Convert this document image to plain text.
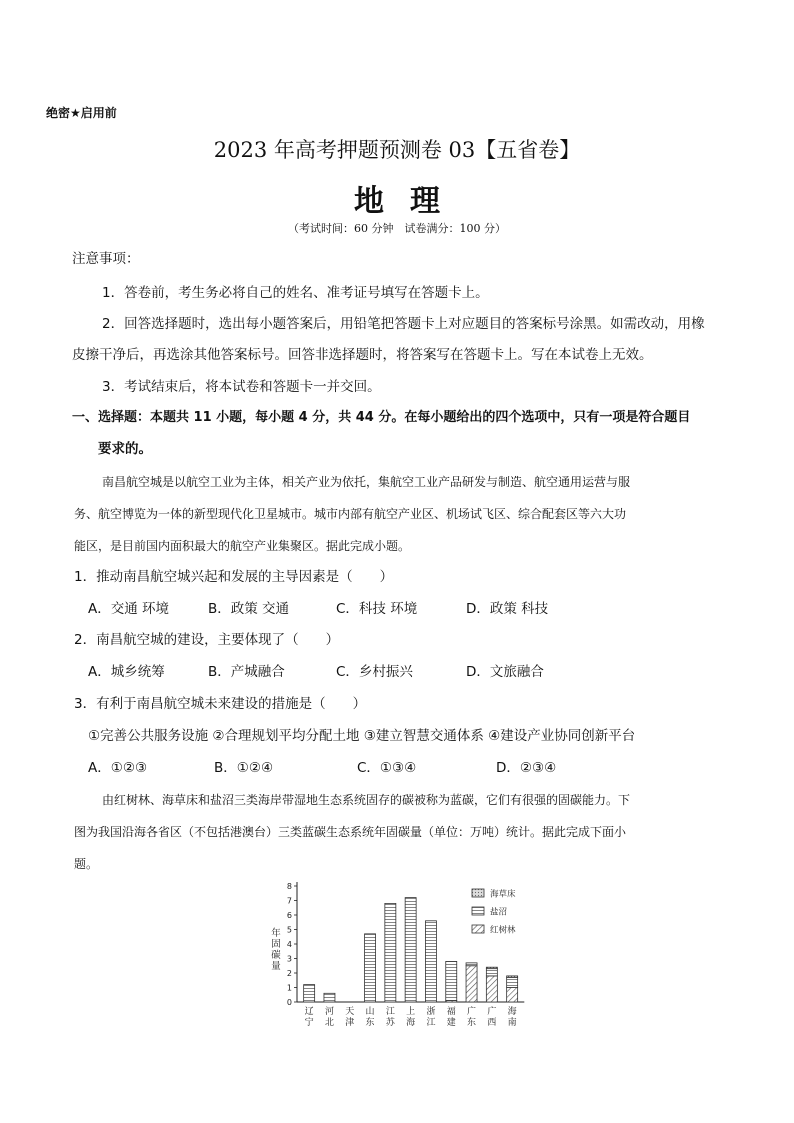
绝密★启用前
2023 年高考押题预测卷 03【五省卷】
地理
（考试时间：60 分钟　试卷满分：100 分）
注意事项：
1．答卷前，考生务必将自己的姓名、准考证号填写在答题卡上。
2．回答选择题时，选出每小题答案后，用铅笔把答题卡上对应题目的答案标号涂黑。如需改动，用橡
皮擦干净后，再选涂其他答案标号。回答非选择题时，将答案写在答题卡上。写在本试卷上无效。
3．考试结束后，将本试卷和答题卡一并交回。
一、选择题：本题共 11 小题，每小题 4 分，共 44 分。在每小题给出的四个选项中，只有一项是符合题目
要求的。
南昌航空城是以航空工业为主体，相关产业为依托，集航空工业产品研发与制造、航空通用运营与服
务、航空博览为一体的新型现代化卫星城市。城市内部有航空产业区、机场试飞区、综合配套区等六大功
能区，是目前国内面积最大的航空产业集聚区。据此完成小题。
1．推动南昌航空城兴起和发展的主导因素是（　　）
A．交通 环境	B．政策 交通	C．科技 环境	D．政策 科技
2．南昌航空城的建设，主要体现了（　　）
A．城乡统筹	B．产城融合	C．乡村振兴	D．文旅融合
3．有利于南昌航空城未来建设的措施是（　　）
①完善公共服务设施 ②合理规划平均分配土地 ③建立智慧交通体系 ④建设产业协同创新平台
A．①②③	B．①②④	C．①③④	D．②③④
由红树林、海草床和盐沼三类海岸带湿地生态系统固存的碳被称为蓝碳，它们有很强的固碳能力。下
图为我国沿海各省区（不包括港澳台）三类蓝碳生态系统年固碳量（单位：万吨）统计。据此完成下面小
题。
0
1
2
3
4
5
6
7
8
年
固
碳
量
辽
宁
河
北
天
津
山
东
江
苏
上
海
浙
江
福
建
广
东
广
西
海
南
海草床
盐沼
红树林
